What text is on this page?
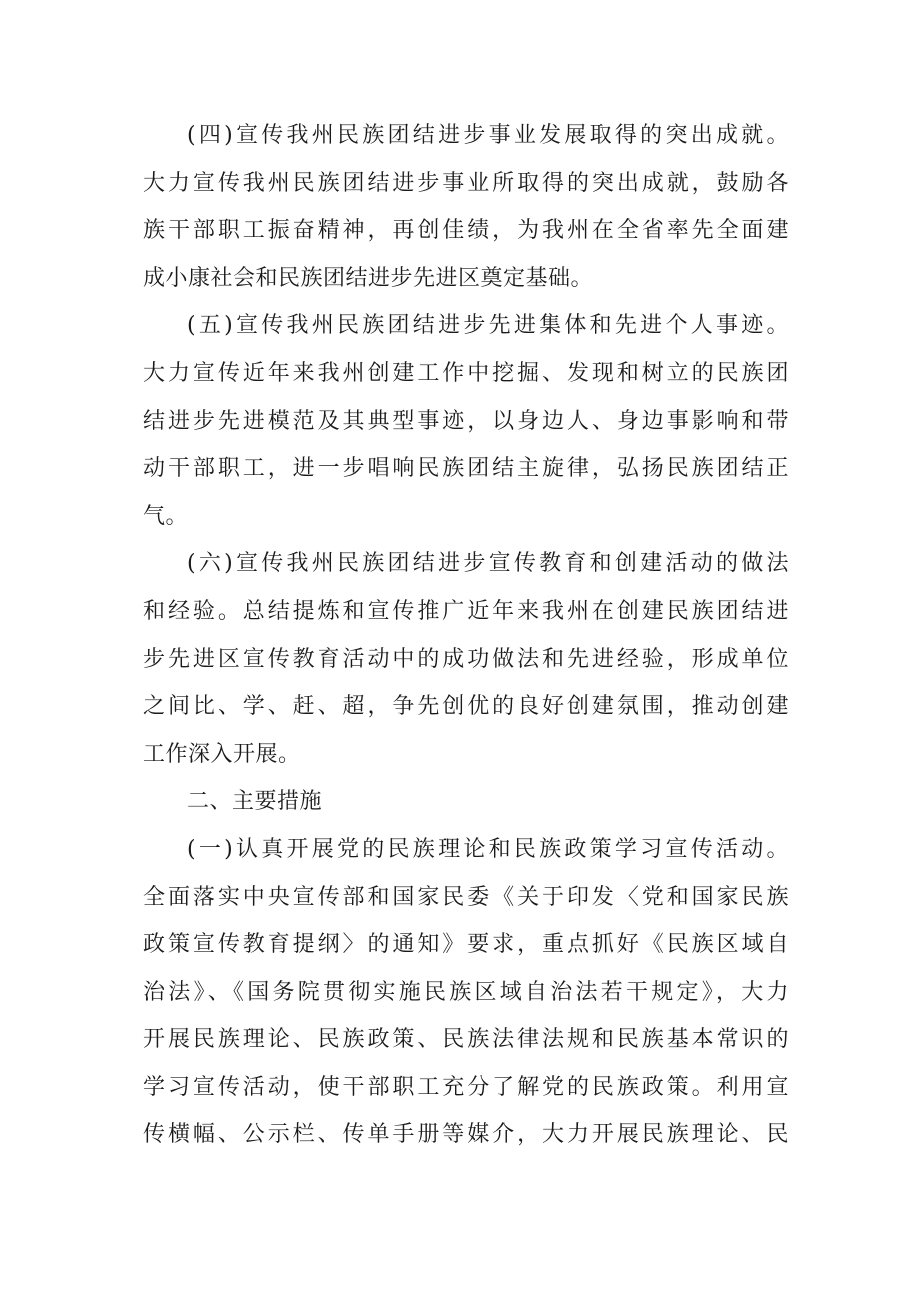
(四)宣传我州民族团结进步事业发展取得的突出成就。
大力宣传我州民族团结进步事业所取得的突出成就，鼓励各
族干部职工振奋精神，再创佳绩，为我州在全省率先全面建
成小康社会和民族团结进步先进区奠定基础。
(五)宣传我州民族团结进步先进集体和先进个人事迹。
大力宣传近年来我州创建工作中挖掘、发现和树立的民族团
结进步先进模范及其典型事迹，以身边人、身边事影响和带
动干部职工，进一步唱响民族团结主旋律，弘扬民族团结正
气。
(六)宣传我州民族团结进步宣传教育和创建活动的做法
和经验。总结提炼和宣传推广近年来我州在创建民族团结进
步先进区宣传教育活动中的成功做法和先进经验，形成单位
之间比、学、赶、超，争先创优的良好创建氛围，推动创建
工作深入开展。
二、主要措施
(一)认真开展党的民族理论和民族政策学习宣传活动。
全面落实中央宣传部和国家民委《关于印发〈党和国家民族
政策宣传教育提纲〉的通知》要求，重点抓好《民族区域自
治法》、《国务院贯彻实施民族区域自治法若干规定》，大力
开展民族理论、民族政策、民族法律法规和民族基本常识的
学习宣传活动，使干部职工充分了解党的民族政策。利用宣
传横幅、公示栏、传单手册等媒介，大力开展民族理论、民
